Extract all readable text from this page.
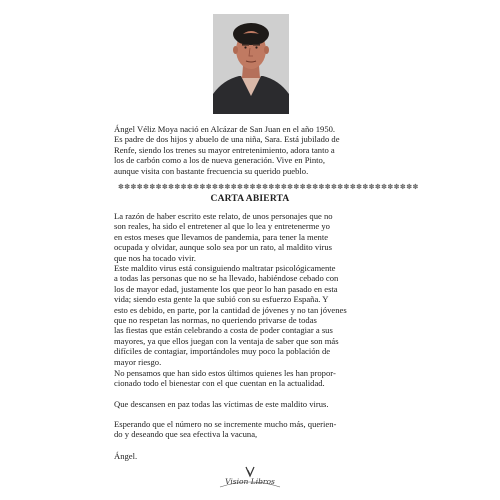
Ángel Véliz Moya nació en Alcázar de San Juan en el año 1950.
Es padre de dos hijos y abuelo de una niña, Sara. Está jubilado de
Renfe, siendo los trenes su mayor entretenimiento, adora tanto a
los de carbón como a los de nueva generación. Vive en Pinto,
aunque visita con bastante frecuencia su querido pueblo.
✽✽✽✽✽✽✽✽✽✽✽✽✽✽✽✽✽✽✽✽✽✽✽✽✽✽✽✽✽✽✽✽✽✽✽✽✽✽✽✽✽✽✽✽✽✽✽✽
CARTA ABIERTA
La razón de haber escrito este relato, de unos personajes que no
son reales, ha sido el entretener al que lo lea y entretenerme yo
en estos meses que llevamos de pandemia, para tener la mente
ocupada y olvidar, aunque solo sea por un rato, al maldito virus
que nos ha tocado vivir.
Este maldito virus está consiguiendo maltratar psicológicamente
a todas las personas que no se ha llevado, habiéndose cebado con
los de mayor edad, justamente los que peor lo han pasado en esta
vida; siendo esta gente la que subió con su esfuerzo España. Y
esto es debido, en parte, por la cantidad de jóvenes y no tan jóvenes
que no respetan las normas, no queriendo privarse de todas
las fiestas que están celebrando a costa de poder contagiar a sus
mayores, ya que ellos juegan con la ventaja de saber que son más
difíciles de contagiar, importándoles muy poco la población de
mayor riesgo.
No pensamos que han sido estos últimos quienes les han propor-
cionado todo el bienestar con el que cuentan en la actualidad.
Que descansen en paz todas las víctimas de este maldito virus.
Esperando que el número no se incremente mucho más, querien-
do y deseando que sea efectiva la vacuna,
Ángel.
Vision Libros
